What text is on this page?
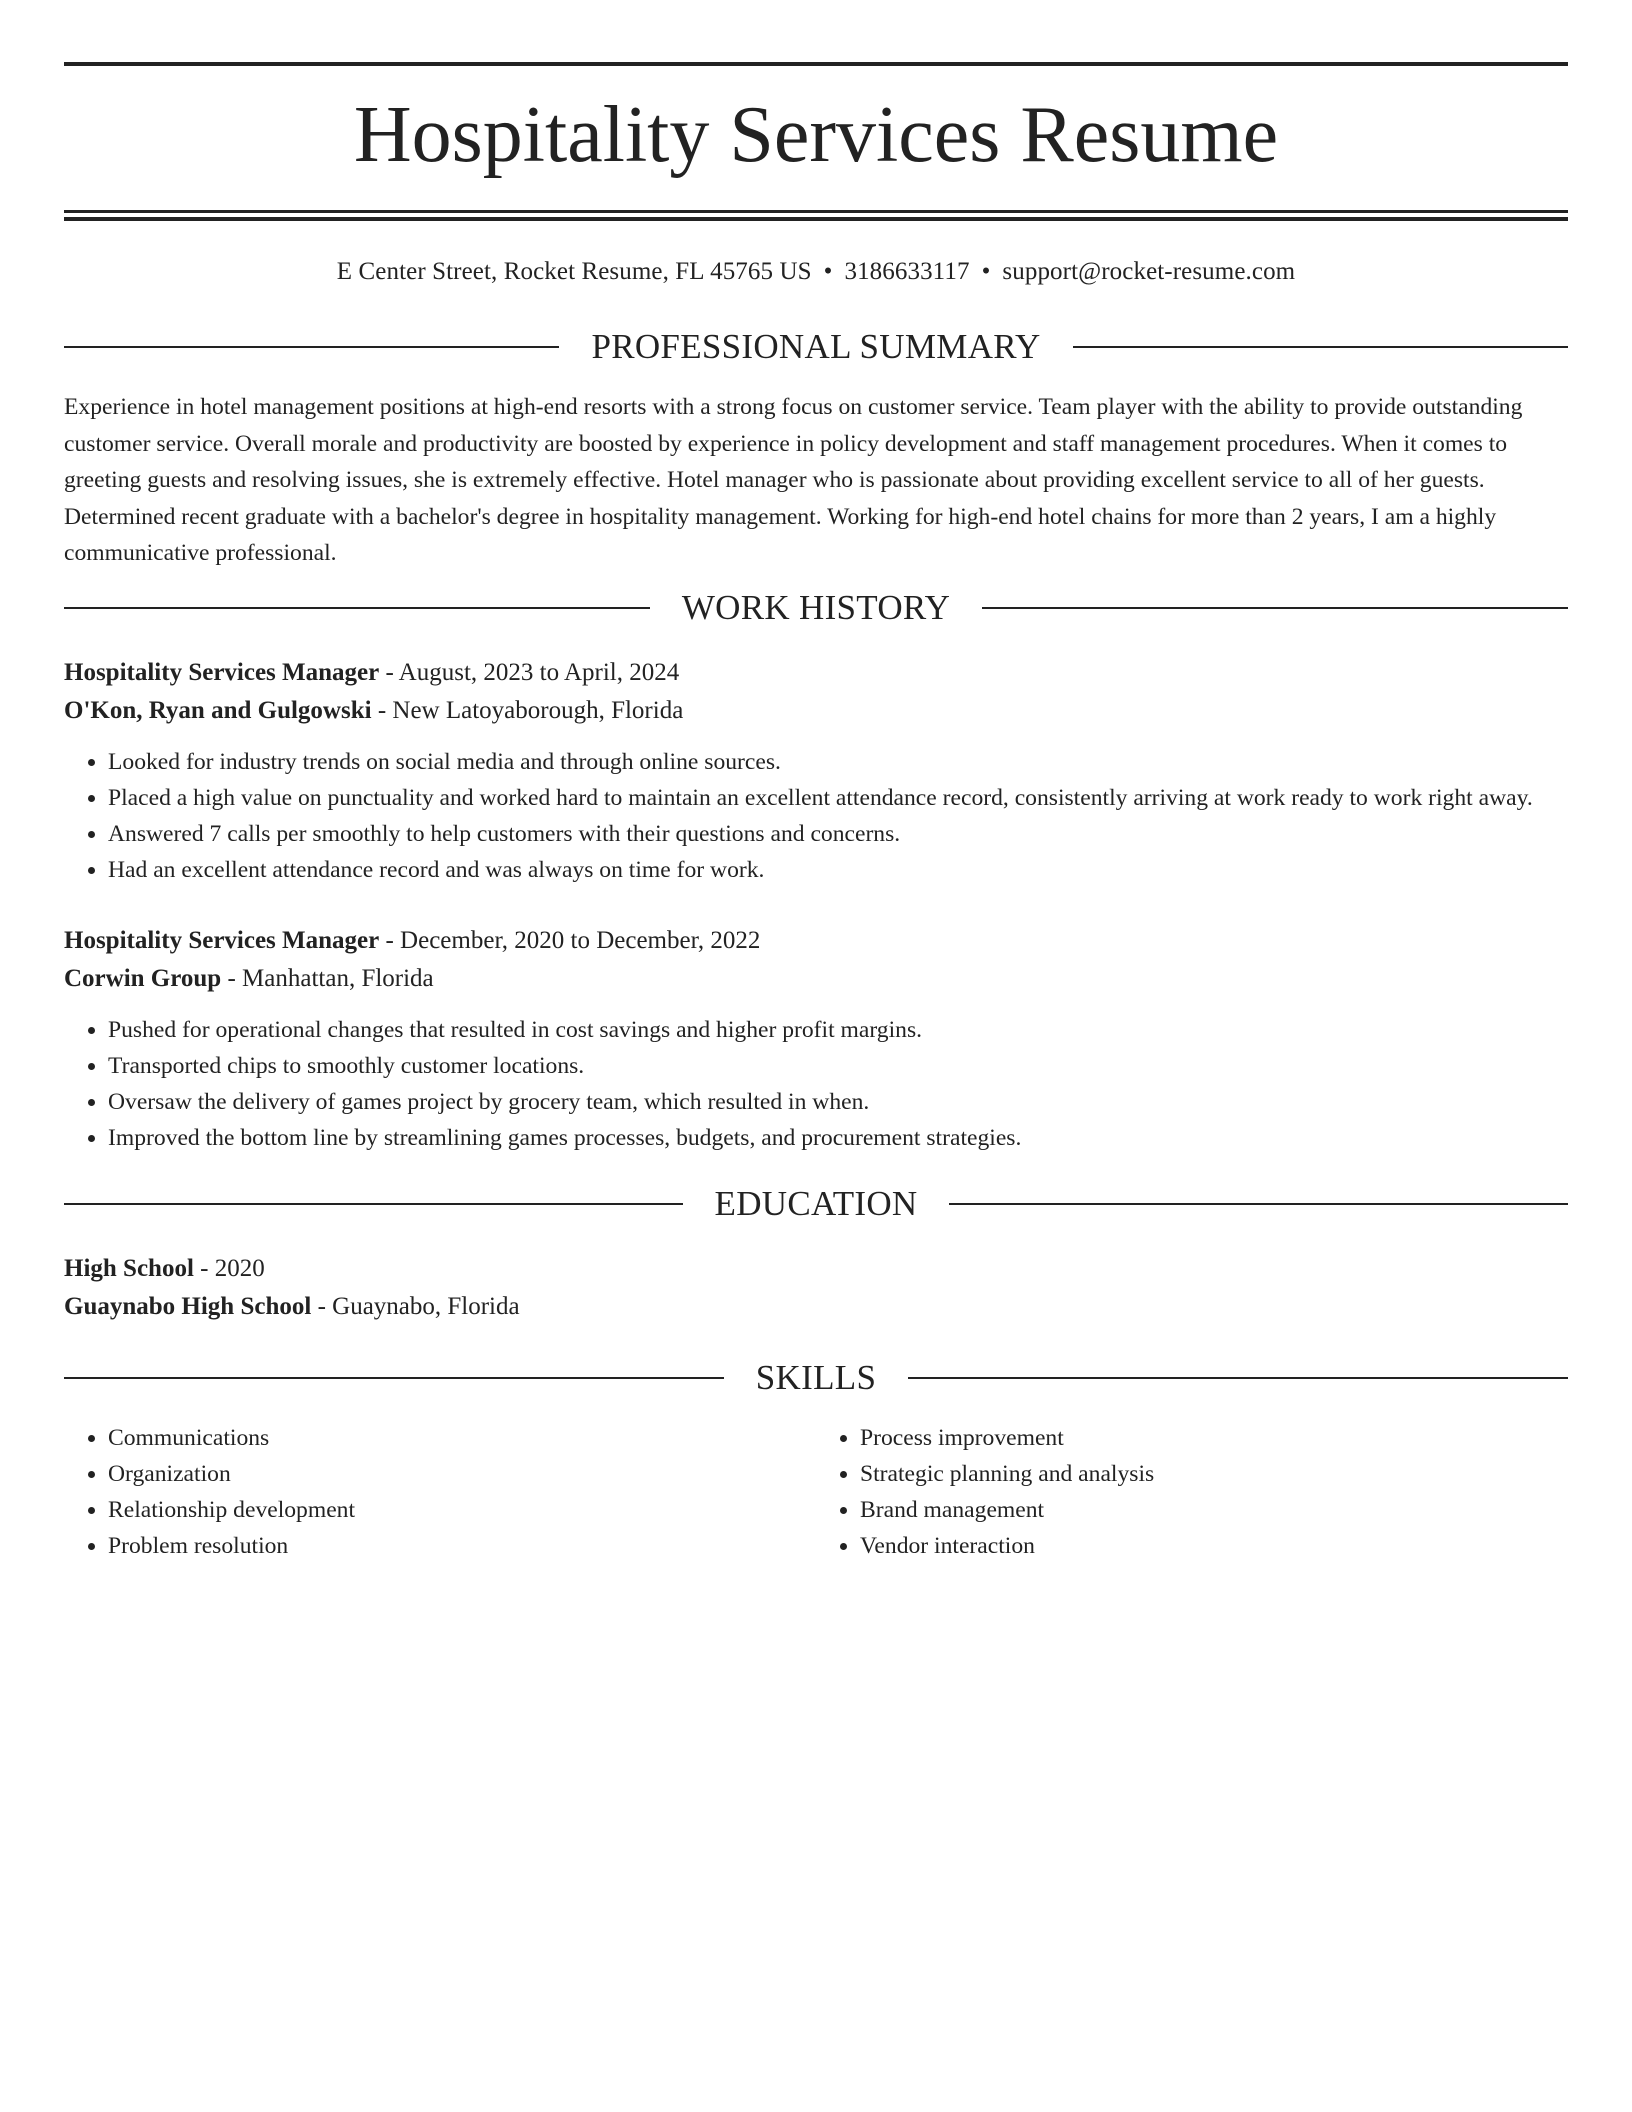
Hospitality Services Resume
E Center Street, Rocket Resume, FL 45765 US • 3186633117 • support@rocket-resume.com
PROFESSIONAL SUMMARY

Experience in hotel management positions at high-end resorts with a strong focus on customer service. Team player with the ability to provide outstanding customer service. Overall morale and productivity are boosted by experience in policy development and staff management procedures. When it comes to greeting guests and resolving issues, she is extremely effective. Hotel manager who is passionate about providing excellent service to all of her guests. Determined recent graduate with a bachelor's degree in hospitality management. Working for high-end hotel chains for more than 2 years, I am a highly communicative professional.

WORK HISTORY
Hospitality Services Manager - August, 2023 to April, 2024
O'Kon, Ryan and Gulgowski - New Latoyaborough, Florida
• Looked for industry trends on social media and through online sources.
• Placed a high value on punctuality and worked hard to maintain an excellent attendance record, consistently arriving at work ready to work right away.
• Answered 7 calls per smoothly to help customers with their questions and concerns.
• Had an excellent attendance record and was always on time for work.
Hospitality Services Manager - December, 2020 to December, 2022
Corwin Group - Manhattan, Florida
• Pushed for operational changes that resulted in cost savings and higher profit margins.
• Transported chips to smoothly customer locations.
• Oversaw the delivery of games project by grocery team, which resulted in when.
• Improved the bottom line by streamlining games processes, budgets, and procurement strategies.
EDUCATION
High School - 2020
Guaynabo High School - Guaynabo, Florida
SKILLS
• Communications
• Organization
• Relationship development
• Problem resolution
• Process improvement
• Strategic planning and analysis
• Brand management
• Vendor interaction
